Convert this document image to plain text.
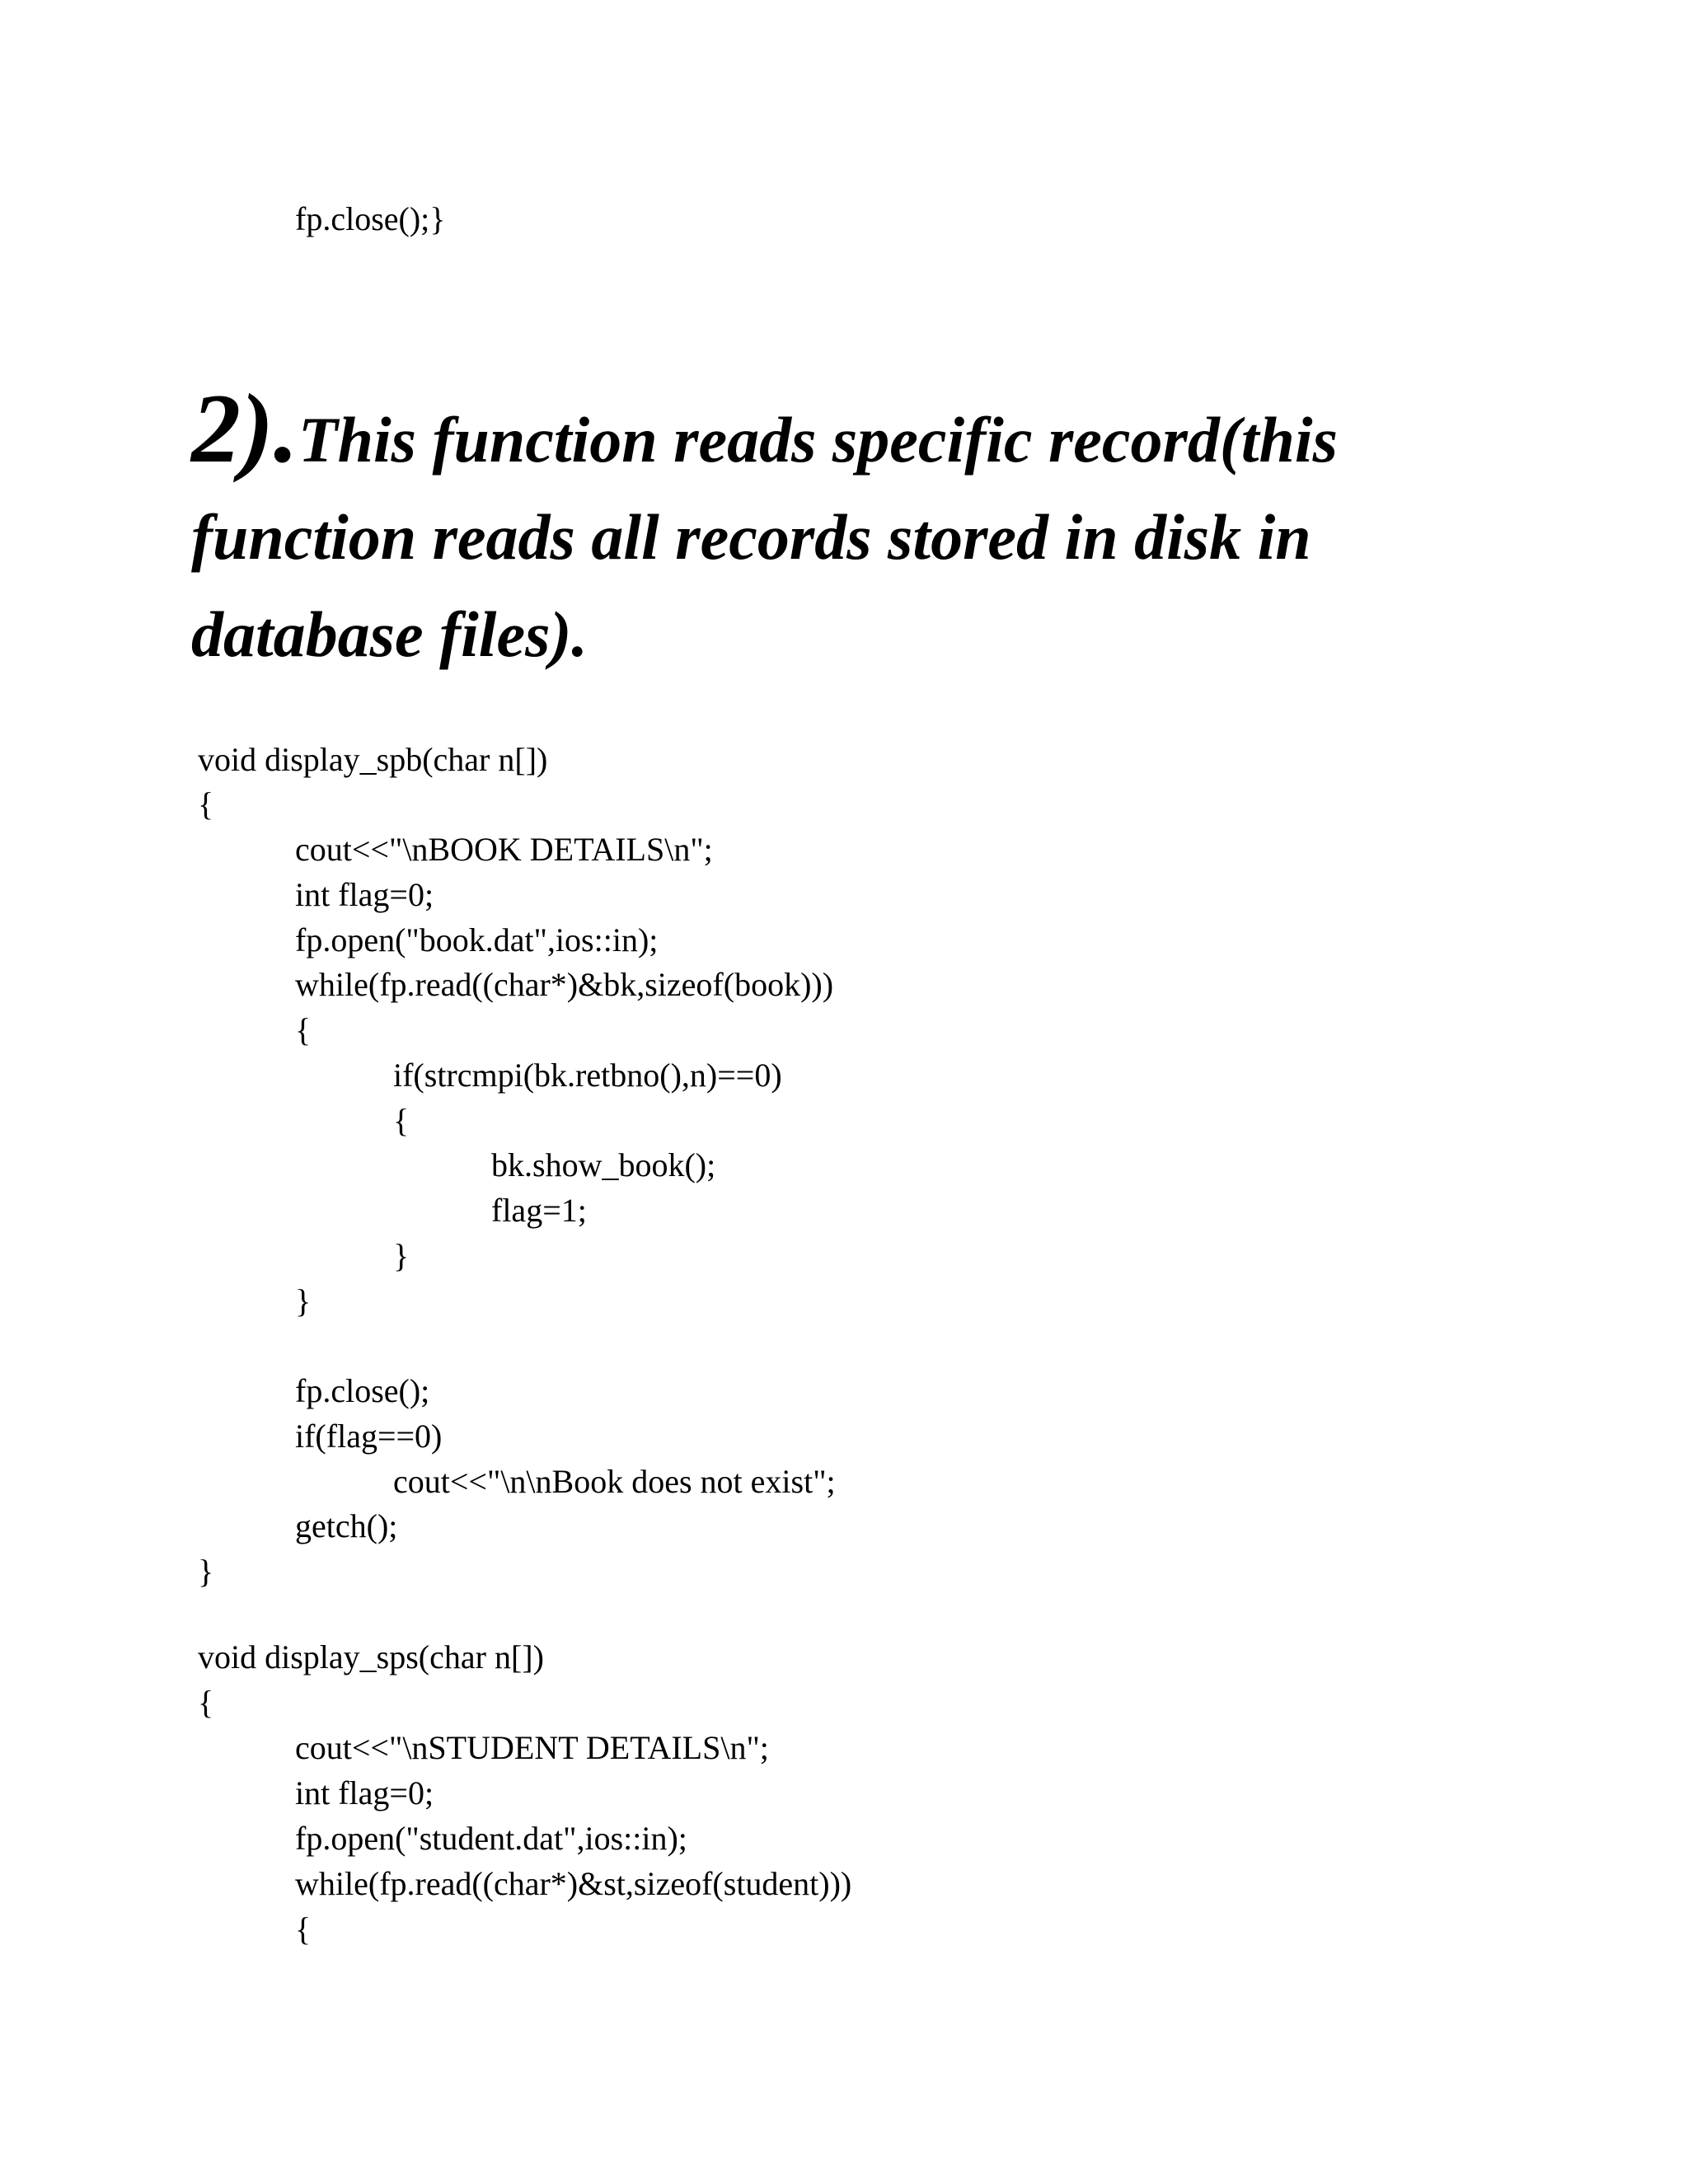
fp.close();}
2).This function reads specific record(this function reads all records stored in disk in database files).
void display_spb(char n[])
{
cout<<"\nBOOK DETAILS\n";
int flag=0;
fp.open("book.dat",ios::in);
while(fp.read((char*)&bk,sizeof(book)))
{
if(strcmpi(bk.retbno(),n)==0)
{
bk.show_book();
flag=1;
}
}
fp.close();
if(flag==0)
cout<<"\n\nBook does not exist";
getch();
}
void display_sps(char n[])
{
cout<<"\nSTUDENT DETAILS\n";
int flag=0;
fp.open("student.dat",ios::in);
while(fp.read((char*)&st,sizeof(student)))
{
